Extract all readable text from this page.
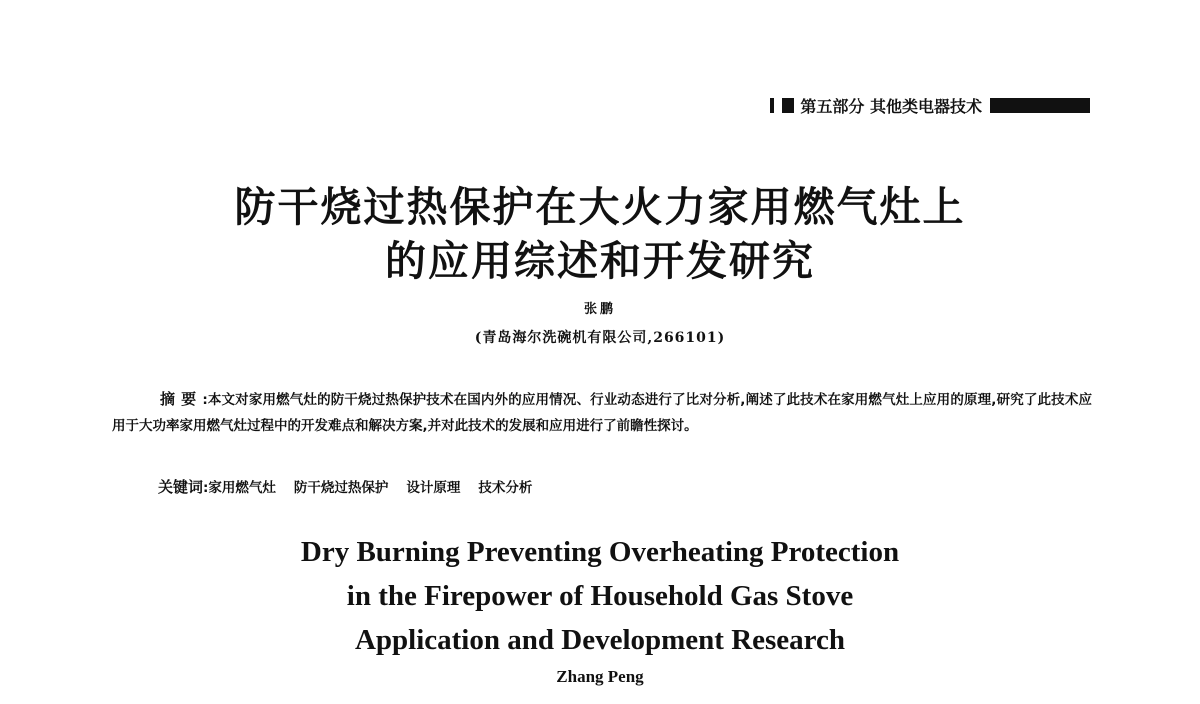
第五部分 其他类电器技术
防干烧过热保护在大火力家用燃气灶上
的应用综述和开发研究
张鹏
(青岛海尔洗碗机有限公司,266101)
摘要:本文对家用燃气灶的防干烧过热保护技术在国内外的应用情况、行业动态进行了比对分析,阐述了此技术在家用燃气灶上应用的原理,研究了此技术应用于大功率家用燃气灶过程中的开发难点和解决方案,并对此技术的发展和应用进行了前瞻性探讨。
关键词:家用燃气灶 防干烧过热保护 设计原理 技术分析
Dry Burning Preventing Overheating Protection
in the Firepower of Household Gas Stove
Application and Development Research
Zhang Peng
